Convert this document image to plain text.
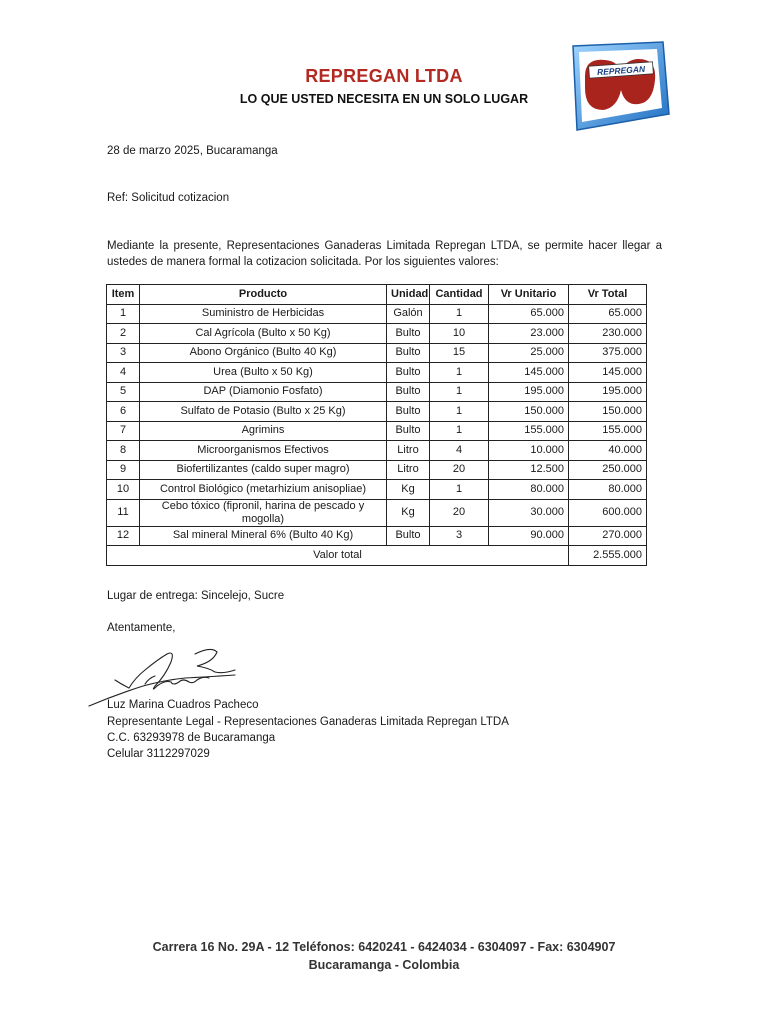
REPREGAN LTDA
LO QUE USTED NECESITA EN UN SOLO LUGAR
REPREGAN
28 de marzo 2025, Bucaramanga
Ref: Solicitud cotizacion
Mediante la presente, Representaciones Ganaderas Limitada Repregan LTDA, se permite hacer llegar a ustedes de manera formal la cotizacion solicitada. Por los siguientes valores:
Item	Producto	Unidad	Cantidad	Vr Unitario	Vr Total
1	Suministro de Herbicidas	Galón	1	65.000	65.000
2	Cal Agrícola (Bulto x 50 Kg)	Bulto	10	23.000	230.000
3	Abono Orgánico (Bulto 40 Kg)	Bulto	15	25.000	375.000
4	Urea (Bulto x 50 Kg)	Bulto	1	145.000	145.000
5	DAP (Diamonio Fosfato)	Bulto	1	195.000	195.000
6	Sulfato de Potasio (Bulto x 25 Kg)	Bulto	1	150.000	150.000
7	Agrimins	Bulto	1	155.000	155.000
8	Microorganismos Efectivos	Litro	4	10.000	40.000
9	Biofertilizantes (caldo super magro)	Litro	20	12.500	250.000
10	Control Biológico (metarhizium anisopliae)	Kg	1	80.000	80.000
11	Cebo tóxico (fipronil, harina de pescado y mogolla)	Kg	20	30.000	600.000
12	Sal mineral Mineral 6% (Bulto 40 Kg)	Bulto	3	90.000	270.000
Valor total					2.555.000
Lugar de entrega: Sincelejo, Sucre
Atentamente,
Luz Marina Cuadros Pacheco
Representante Legal - Representaciones Ganaderas Limitada Repregan LTDA
C.C. 63293978 de Bucaramanga
Celular 3112297029
Carrera 16 No. 29A - 12 Teléfonos: 6420241 - 6424034 - 6304097 - Fax: 6304907
Bucaramanga - Colombia
